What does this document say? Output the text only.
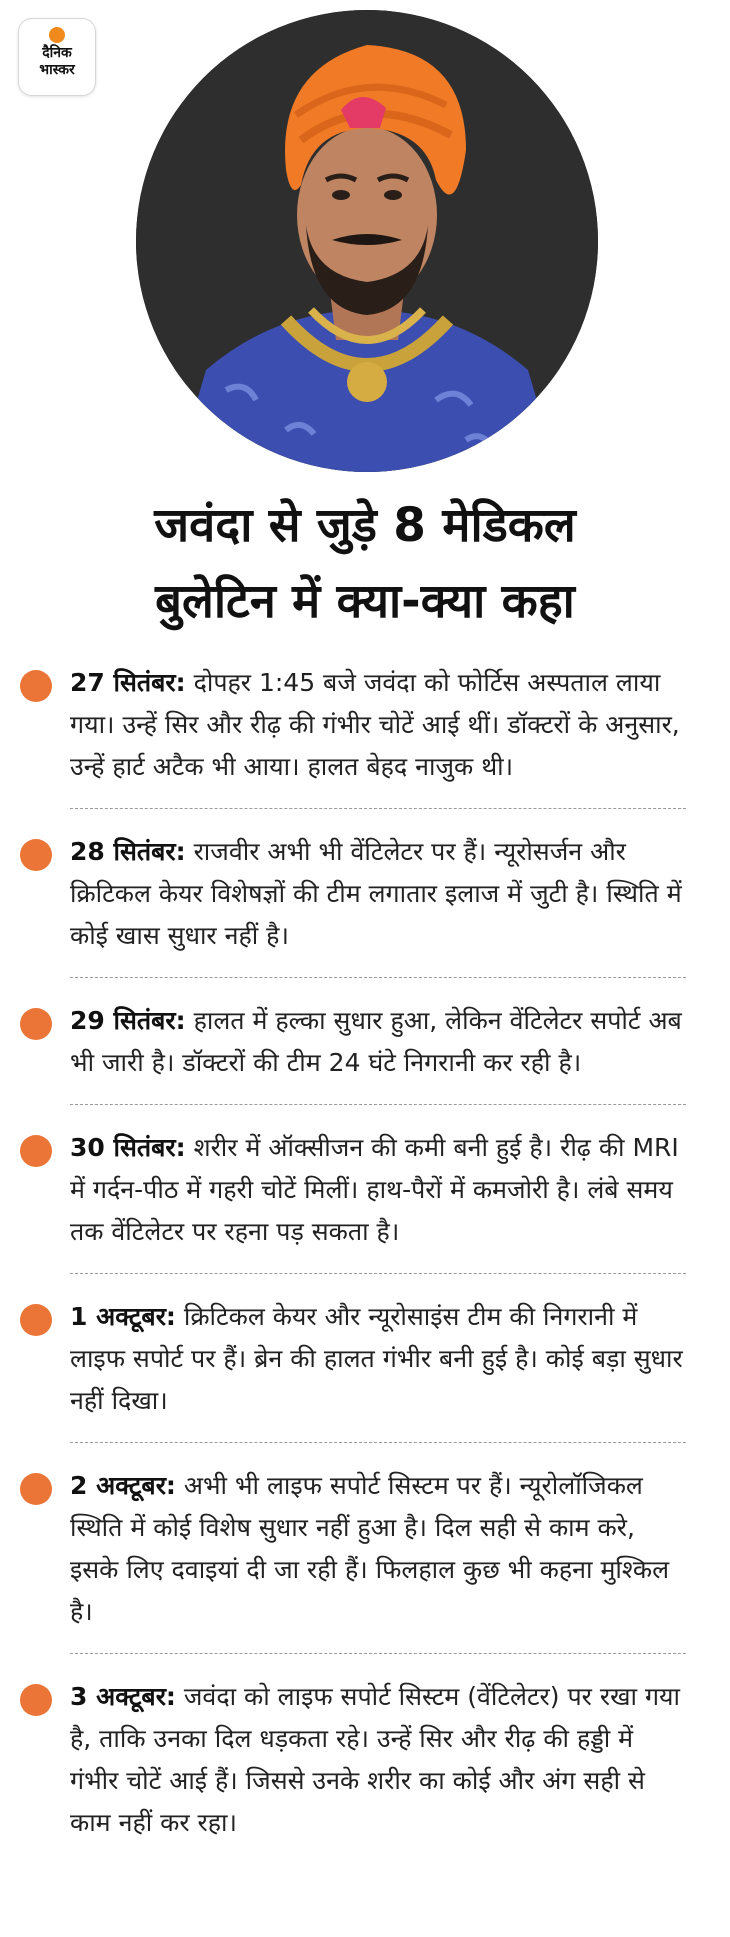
दैनिक
भास्कर
जवंदा से जुड़े 8 मेडिकल
बुलेटिन में क्या-क्या कहा

27 सितंबर: दोपहर 1:45 बजे जवंदा को फोर्टिस अस्पताल लाया गया। उन्हें सिर और रीढ़ की गंभीर चोटें आई थीं। डॉक्टरों के अनुसार, उन्हें हार्ट अटैक भी आया। हालत बेहद नाजुक थी।

28 सितंबर: राजवीर अभी भी वेंटिलेटर पर हैं। न्यूरोसर्जन और क्रिटिकल केयर विशेषज्ञों की टीम लगातार इलाज में जुटी है। स्थिति में कोई खास सुधार नहीं है।

29 सितंबर: हालत में हल्का सुधार हुआ, लेकिन वेंटिलेटर सपोर्ट अब भी जारी है। डॉक्टरों की टीम 24 घंटे निगरानी कर रही है।

30 सितंबर: शरीर में ऑक्सीजन की कमी बनी हुई है। रीढ़ की MRI में गर्दन-पीठ में गहरी चोटें मिलीं। हाथ-पैरों में कमजोरी है। लंबे समय तक वेंटिलेटर पर रहना पड़ सकता है।

1 अक्टूबर: क्रिटिकल केयर और न्यूरोसाइंस टीम की निगरानी में लाइफ सपोर्ट पर हैं। ब्रेन की हालत गंभीर बनी हुई है। कोई बड़ा सुधार नहीं दिखा।

2 अक्टूबर: अभी भी लाइफ सपोर्ट सिस्टम पर हैं। न्यूरोलॉजिकल स्थिति में कोई विशेष सुधार नहीं हुआ है। दिल सही से काम करे, इसके लिए दवाइयां दी जा रही हैं। फिलहाल कुछ भी कहना मुश्किल है।

3 अक्टूबर: जवंदा को लाइफ सपोर्ट सिस्टम (वेंटिलेटर) पर रखा गया है, ताकि उनका दिल धड़कता रहे। उन्हें सिर और रीढ़ की हड्डी में गंभीर चोटें आई हैं। जिससे उनके शरीर का कोई और अंग सही से काम नहीं कर रहा।
